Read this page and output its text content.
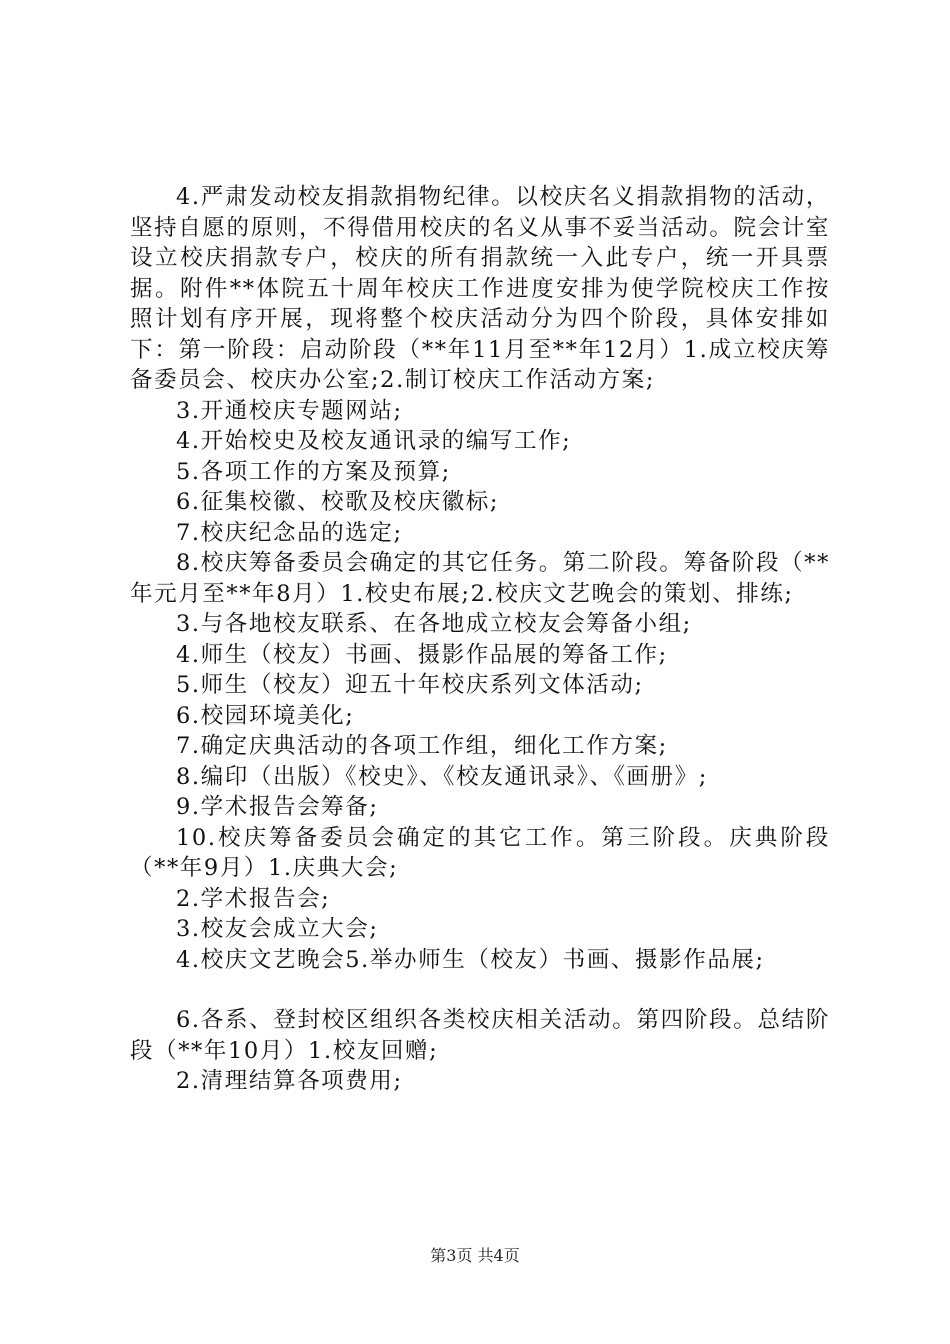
4.严肃发动校友捐款捐物纪律。以校庆名义捐款捐物的活动，坚持自愿的原则，不得借用校庆的名义从事不妥当活动。院会计室设立校庆捐款专户，校庆的所有捐款统一入此专户，统一开具票据。附件**体院五十周年校庆工作进度安排为使学院校庆工作按照计划有序开展，现将整个校庆活动分为四个阶段，具体安排如下：第一阶段：启动阶段（**年11月至**年12月）1.成立校庆筹备委员会、校庆办公室;2.制订校庆工作活动方案;

3.开通校庆专题网站;

4.开始校史及校友通讯录的编写工作;

5.各项工作的方案及预算;

6.征集校徽、校歌及校庆徽标;

7.校庆纪念品的选定;

8.校庆筹备委员会确定的其它任务。第二阶段。筹备阶段（**年元月至**年8月）1.校史布展;2.校庆文艺晚会的策划、排练;

3.与各地校友联系、在各地成立校友会筹备小组;

4.师生（校友）书画、摄影作品展的筹备工作;

5.师生（校友）迎五十年校庆系列文体活动;

6.校园环境美化;

7.确定庆典活动的各项工作组，细化工作方案;

8.编印（出版）《校史》、《校友通讯录》、《画册》;

9.学术报告会筹备;

10.校庆筹备委员会确定的其它工作。第三阶段。庆典阶段（**年9月）1.庆典大会;

2.学术报告会;

3.校友会成立大会;

4.校庆文艺晚会5.举办师生（校友）书画、摄影作品展;

6.各系、登封校区组织各类校庆相关活动。第四阶段。总结阶段（**年10月）1.校友回赠;

2.清理结算各项费用;

第3页 共4页
